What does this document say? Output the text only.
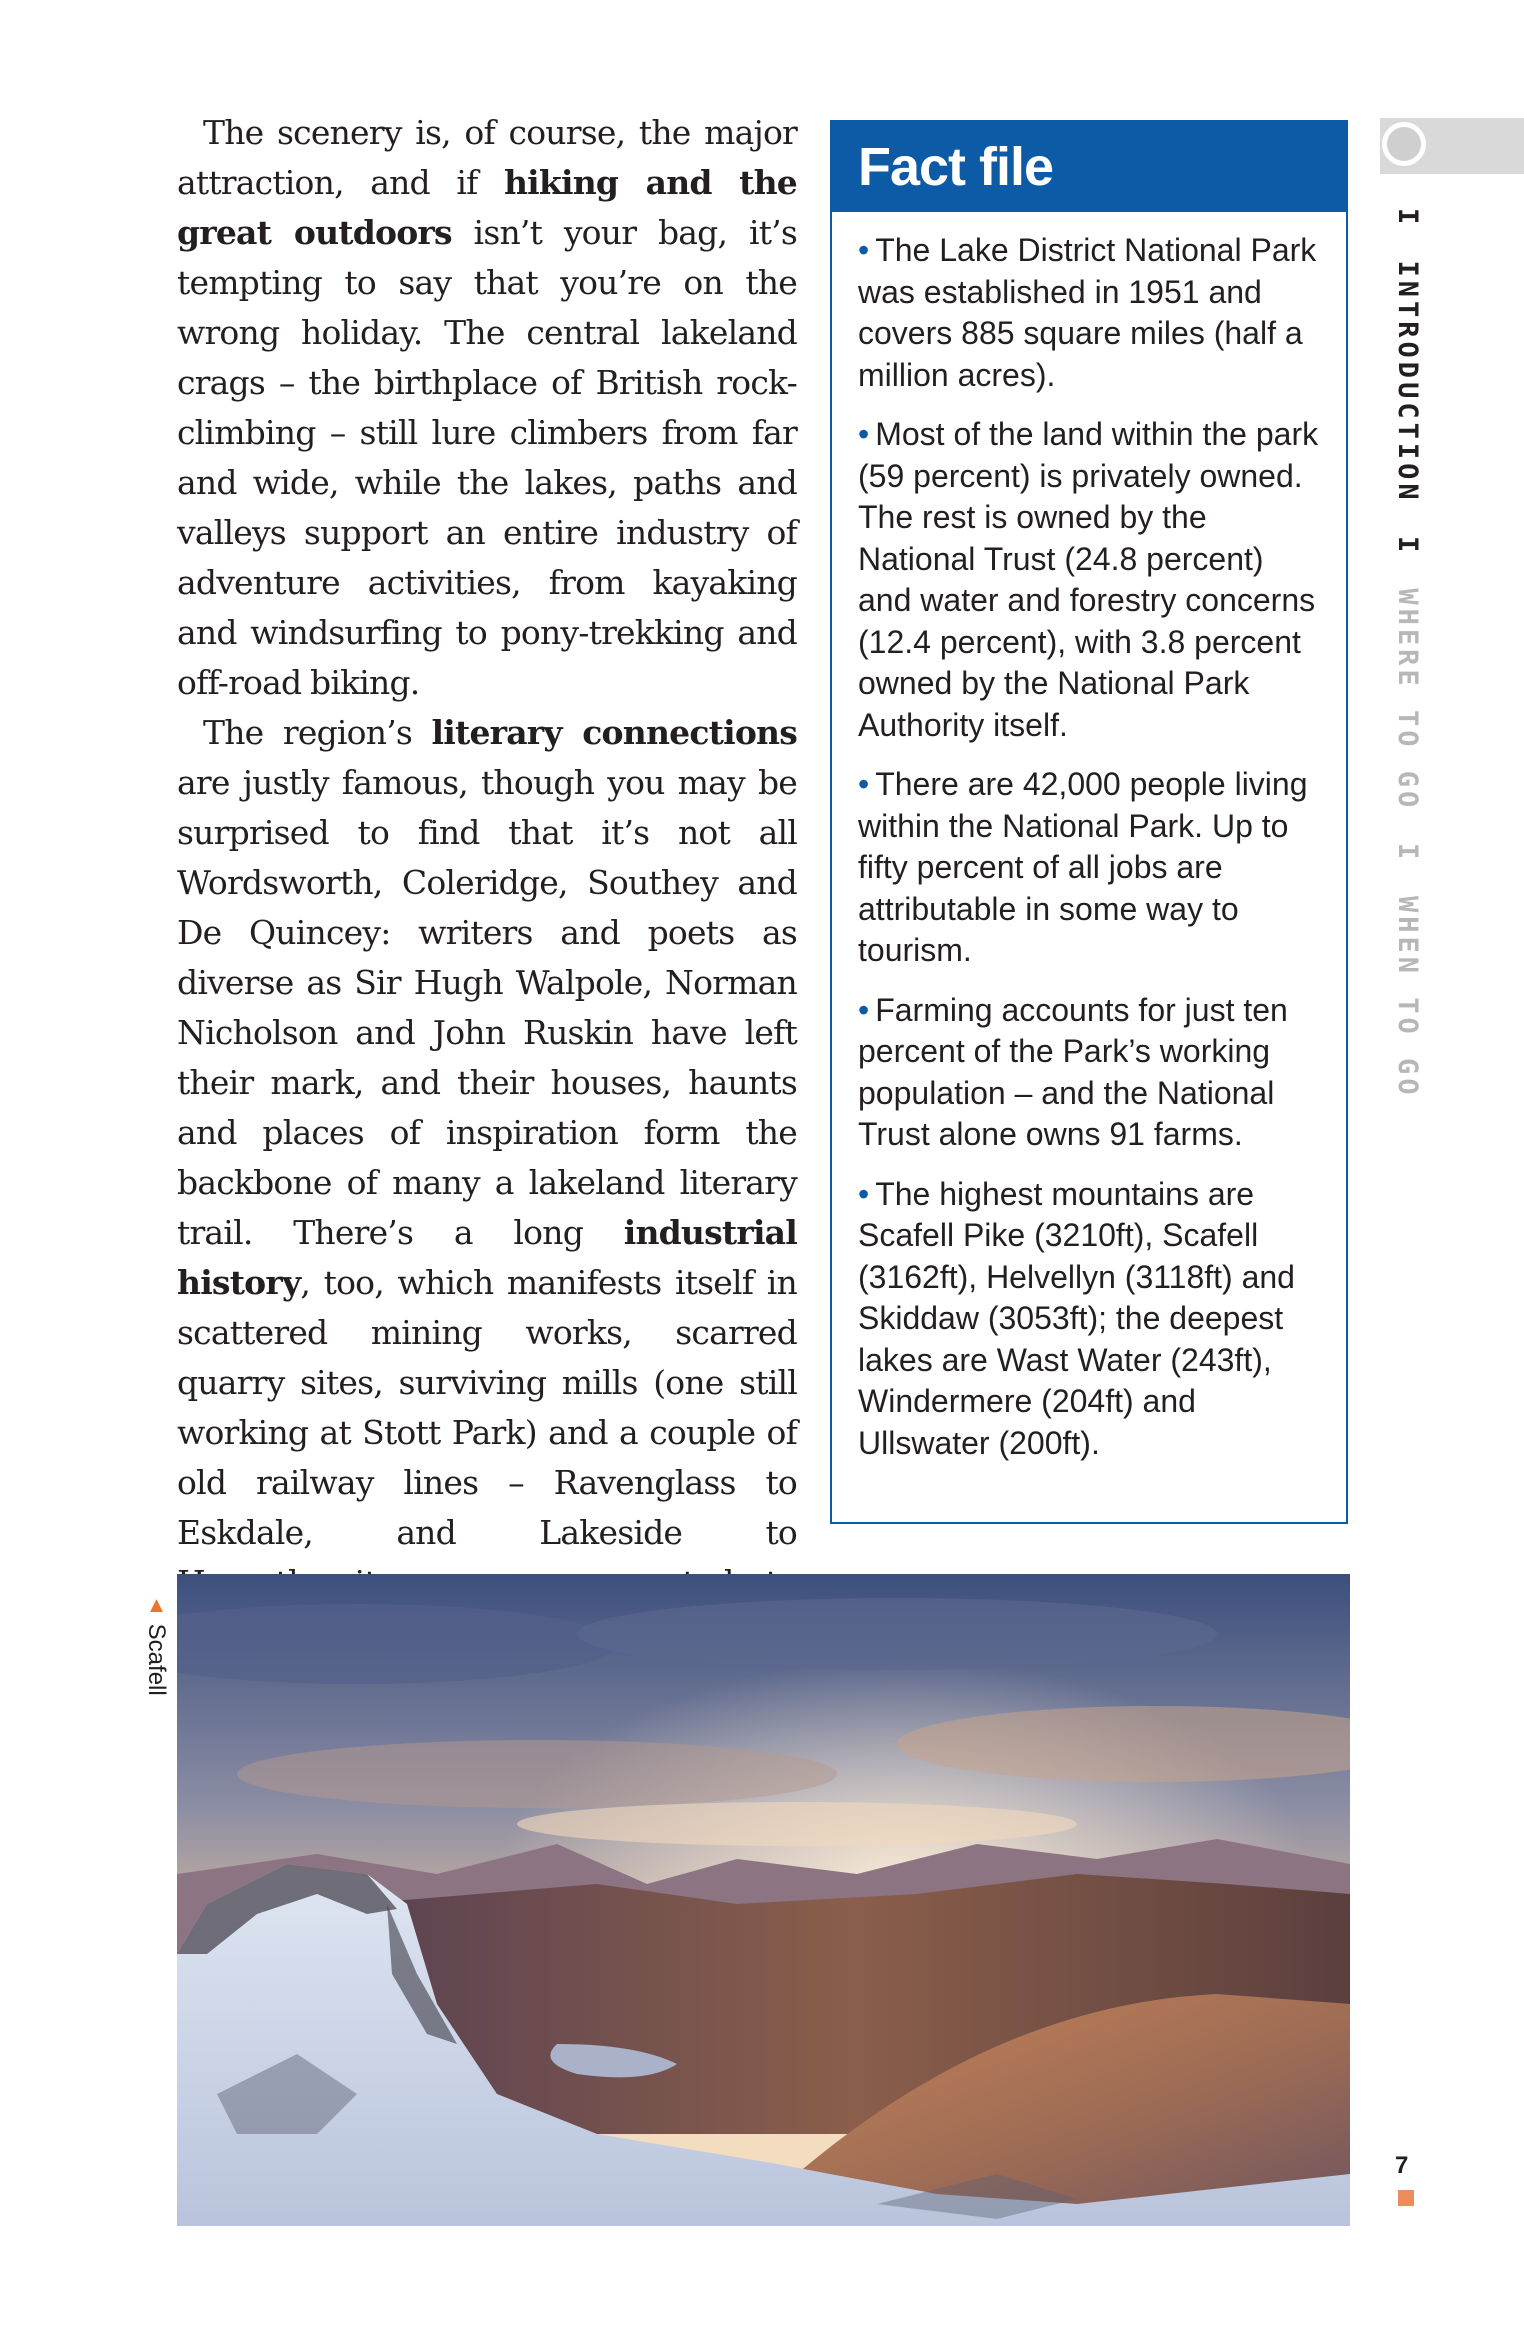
The scenery is, of course, the major attraction, and if hiking and the great outdoors isn’t your bag, it’s tempting to say that you’re on the wrong holiday. The central lakeland crags – the birthplace of British rock-climbing – still lure climbers from far and wide, while the lakes, paths and valleys support an entire industry of adventure activities, from kayaking and windsurfing to pony-trekking and off-road biking.

The region’s literary connections are justly famous, though you may be surprised to find that it’s not all Wordsworth, Coleridge, Southey and De Quincey: writers and poets as diverse as Sir Hugh Walpole, Norman Nicholson and John Ruskin have left their mark, and their houses, haunts and places of inspiration form the backbone of many a lakeland literary trail. There’s a long industrial history, too, which manifests itself in scattered mining works, scarred quarry sites, surviving mills (one still working at Stott Park) and a couple of old railway lines – Ravenglass to Eskdale, and Lakeside to

Fact file
• The Lake District National Park was established in 1951 and covers 885 square miles (half a million acres).
• Most of the land within the park (59 percent) is privately owned. The rest is owned by the National Trust (24.8 percent) and water and forestry concerns (12.4 percent), with 3.8 percent owned by the National Park Authority itself.
• There are 42,000 people living within the National Park. Up to fifty percent of all jobs are attributable in some way to tourism.
• Farming accounts for just ten percent of the Park’s working population – and the National Trust alone owns 91 farms.
• The highest mountains are Scafell Pike (3210ft), Scafell (3162ft), Helvellyn (3118ft) and Skiddaw (3053ft); the deepest lakes are Wast Water (243ft), Windermere (204ft) and Ullswater (200ft).
I INTRODUCTION I WHERE TO GO I WHEN TO GO
▲ Scafell
7
